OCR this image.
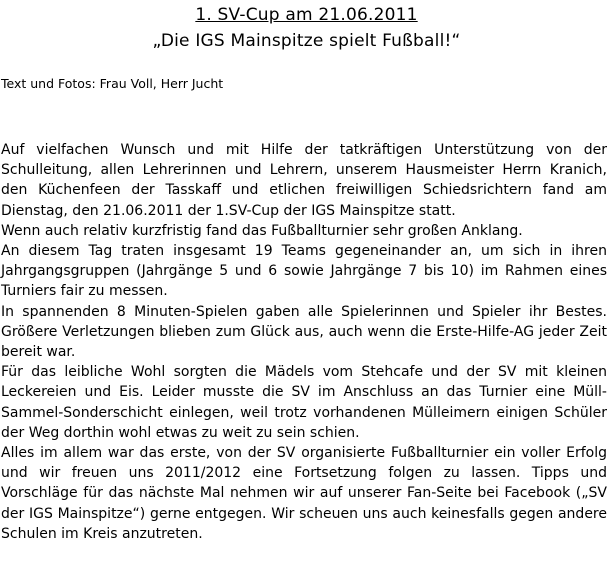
1. SV-Cup am 21.06.2011
„Die IGS Mainspitze spielt Fußball!“
Text und Fotos: Frau Voll, Herr Jucht

Auf vielfachen Wunsch und mit Hilfe der tatkräftigen Unterstützung von der Schulleitung, allen Lehrerinnen und Lehrern, unserem Hausmeister Herrn Kranich, den Küchenfeen der Tasskaff und etlichen freiwilligen Schiedsrichtern fand am Dienstag, den 21.06.2011 der 1.SV-Cup der IGS Mainspitze statt.

Wenn auch relativ kurzfristig fand das Fußballturnier sehr großen Anklang.

An diesem Tag traten insgesamt 19 Teams gegeneinander an, um sich in ihren Jahrgangsgruppen (Jahrgänge 5 und 6 sowie Jahrgänge 7 bis 10) im Rahmen eines Turniers fair zu messen.

In spannenden 8 Minuten-Spielen gaben alle Spielerinnen und Spieler ihr Bestes. Größere Verletzungen blieben zum Glück aus, auch wenn die Erste-Hilfe-AG jeder Zeit bereit war.

Für das leibliche Wohl sorgten die Mädels vom Stehcafe und der SV mit kleinen Leckereien und Eis. Leider musste die SV im Anschluss an das Turnier eine Müll-Sammel-Sonderschicht einlegen, weil trotz vorhandenen Mülleimern einigen Schüler der Weg dorthin wohl etwas zu weit zu sein schien.

Alles im allem war das erste, von der SV organisierte Fußballturnier ein voller Erfolg und wir freuen uns 2011/2012 eine Fortsetzung folgen zu lassen. Tipps und Vorschläge für das nächste Mal nehmen wir auf unserer Fan-Seite bei Facebook („SV der IGS Mainspitze“) gerne entgegen. Wir scheuen uns auch keinesfalls gegen andere Schulen im Kreis anzutreten.
